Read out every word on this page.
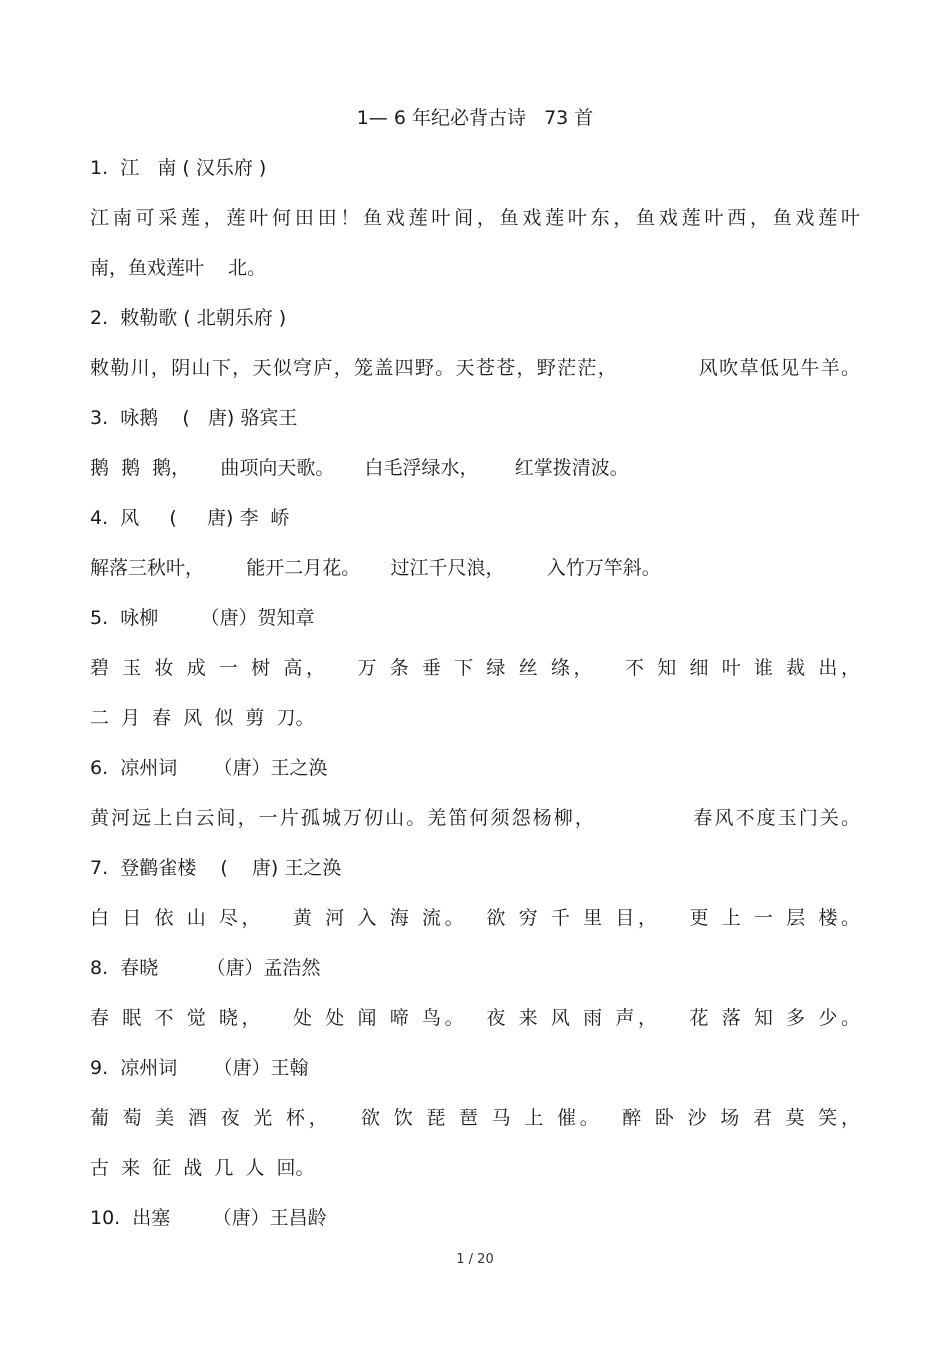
1— 6 年纪必背古诗   73 首
1.  江   南 ( 汉乐府 )
江南可采莲，莲叶何田田！鱼戏莲叶间，鱼戏莲叶东，鱼戏莲叶西，鱼戏莲叶
南，鱼戏莲叶    北。
2.  敕勒歌 ( 北朝乐府 )
敕勒川，阴山下，天似穹庐，笼盖四野。天苍苍，野茫茫，           风吹草低见牛羊。
3.  咏鹅    (   唐) 骆宾王
鹅  鹅  鹅，     曲项向天歌。     白毛浮绿水，      红掌拨清波。
4.  风     (     唐) 李  峤
解落三秋叶，       能开二月花。     过江千尺浪，       入竹万竿斜。
5.  咏柳       （唐）贺知章
碧 玉 妆 成 一 树 高，   万 条 垂 下 绿 丝 绦，   不 知 细 叶 谁 裁 出，
二  月  春  风  似  剪  刀。
6.  凉州词      （唐）王之涣
黄河远上白云间，一片孤城万仞山。羌笛何须怨杨柳，            春风不度玉门关。
7.  登鹳雀楼    (    唐) 王之涣
白 日 依 山 尽，   黄 河 入 海 流。  欲 穷 千 里 目，   更 上 一 层 楼。
8.  春晓        （唐）孟浩然
春 眠 不 觉 晓，   处 处 闻 啼 鸟。  夜 来 风 雨 声，   花 落 知 多 少。
9.  凉州词      （唐）王翰
葡 萄 美 酒 夜 光 杯，   欲 饮 琵 琶 马 上 催。  醉 卧 沙 场 君 莫 笑，
古  来  征  战  几  人  回。
10.  出塞       （唐）王昌龄
1 / 20
